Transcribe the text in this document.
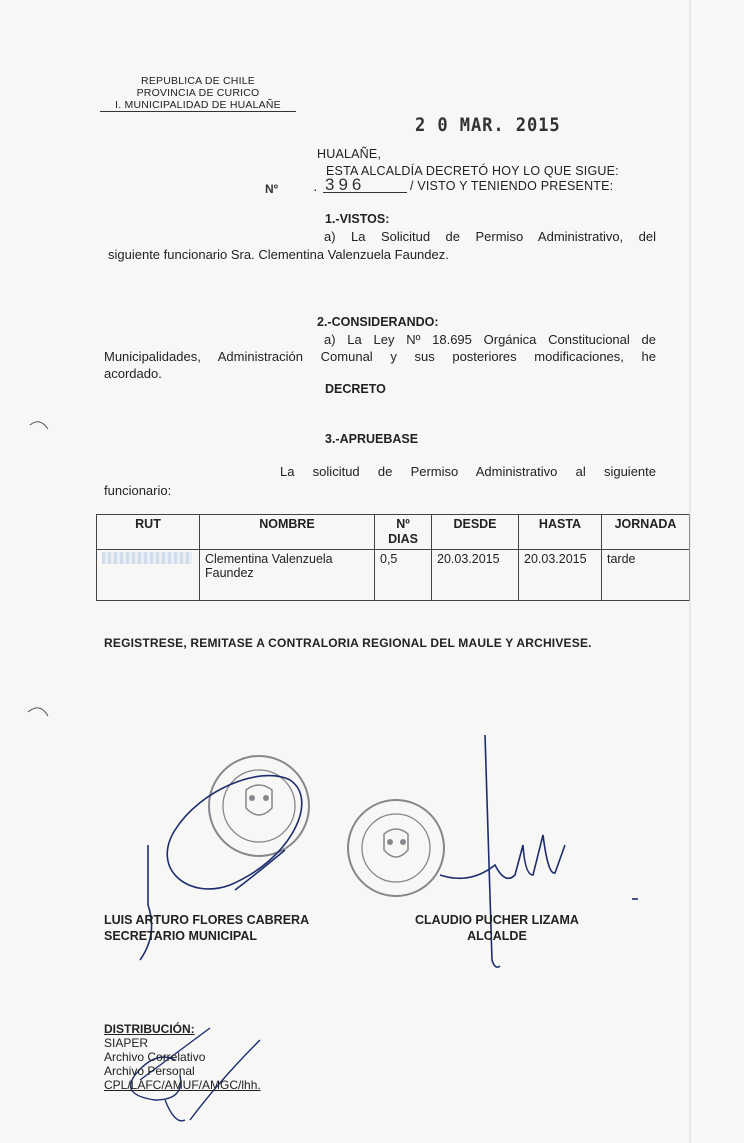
REPUBLICA DE CHILE
PROVINCIA DE CURICO
I. MUNICIPALIDAD DE HUALAÑE
2 0 MAR. 2015
HUALAÑE,
ESTA ALCALDÍA DECRETÓ HOY LO QUE SIGUE:
Nº · 396	/ VISTO Y TENIENDO PRESENTE:
1.-VISTOS:
a) La Solicitud de Permiso Administrativo, del
siguiente funcionario Sra. Clementina Valenzuela Faundez.
2.-CONSIDERANDO:
a) La Ley Nº 18.695 Orgánica Constitucional de
Municipalidades, Administración Comunal y sus posteriores modificaciones, he
acordado.
DECRETO
3.-APRUEBASE
La solicitud de Permiso Administrativo al siguiente
funcionario:
RUT	NOMBRE	Nº DIAS	DESDE	HASTA	JORNADA
	Clementina Valenzuela Faundez	0,5	20.03.2015	20.03.2015	tarde
REGISTRESE, REMITASE A CONTRALORIA REGIONAL DEL MAULE Y ARCHIVESE.
LUIS ARTURO FLORES CABRERA
SECRETARIO MUNICIPAL
CLAUDIO PUCHER LIZAMA
ALCALDE
DISTRIBUCIÓN:
SIAPER
Archivo Correlativo
Archivo Personal
CPL/LAFC/AMUF/AMGC/lhh.
